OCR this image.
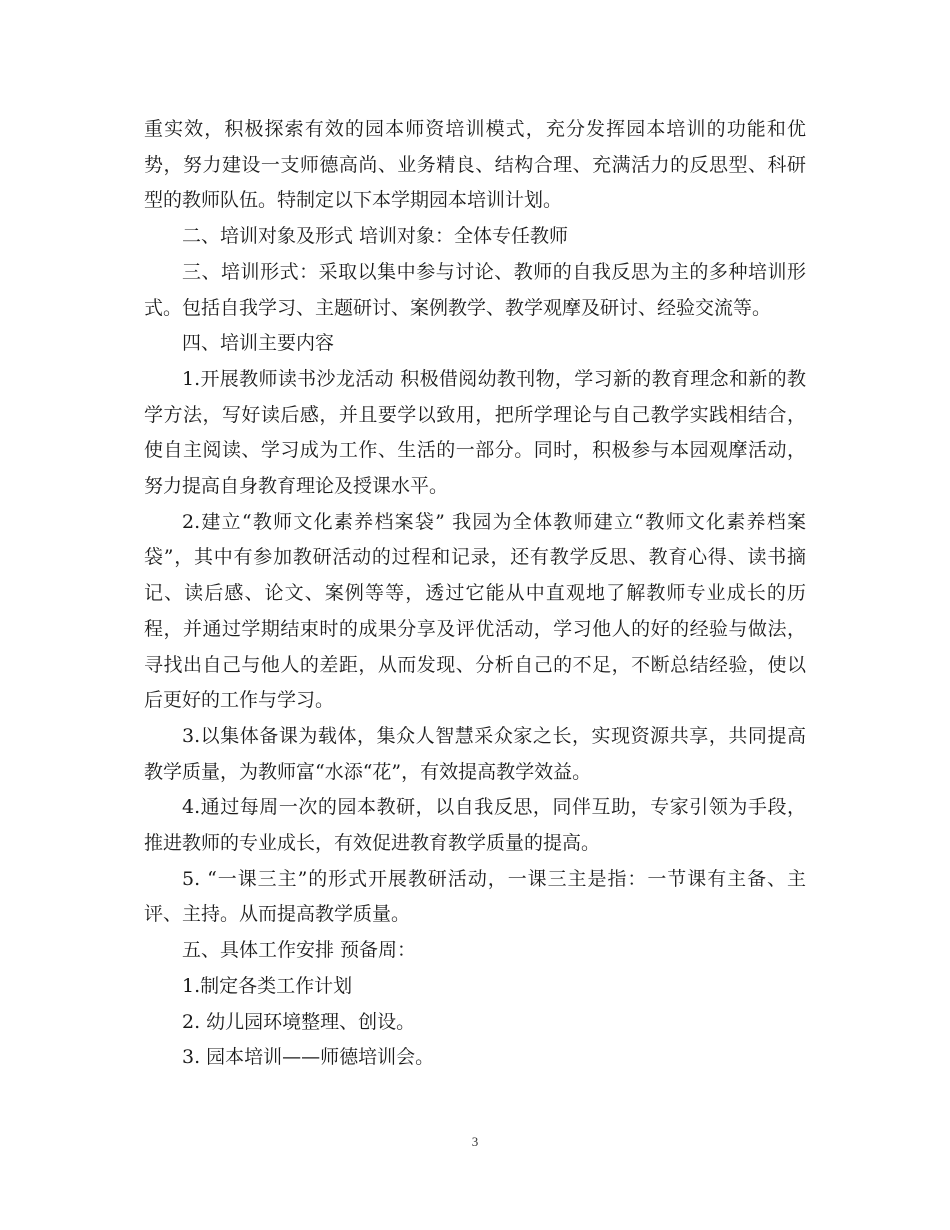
重实效，积极探索有效的园本师资培训模式，充分发挥园本培训的功能和优势，努力建设一支师德高尚、业务精良、结构合理、充满活力的反思型、科研型的教师队伍。特制定以下本学期园本培训计划。

二、培训对象及形式 培训对象：全体专任教师

三、培训形式：采取以集中参与讨论、教师的自我反思为主的多种培训形式。包括自我学习、主题研讨、案例教学、教学观摩及研讨、经验交流等。

四、培训主要内容

1.开展教师读书沙龙活动 积极借阅幼教刊物，学习新的教育理念和新的教学方法，写好读后感，并且要学以致用，把所学理论与自己教学实践相结合，使自主阅读、学习成为工作、生活的一部分。同时，积极参与本园观摩活动，努力提高自身教育理论及授课水平。

2.建立“教师文化素养档案袋” 我园为全体教师建立“教师文化素养档案袋”，其中有参加教研活动的过程和记录，还有教学反思、教育心得、读书摘记、读后感、论文、案例等等，透过它能从中直观地了解教师专业成长的历程，并通过学期结束时的成果分享及评优活动，学习他人的好的经验与做法，寻找出自己与他人的差距，从而发现、分析自己的不足，不断总结经验，使以后更好的工作与学习。

3.以集体备课为载体，集众人智慧采众家之长，实现资源共享，共同提高教学质量，为教师富“水添“花”，有效提高教学效益。

4.通过每周一次的园本教研，以自我反思，同伴互助，专家引领为手段，推进教师的专业成长，有效促进教育教学质量的提高。

5. “一课三主”的形式开展教研活动，一课三主是指：一节课有主备、主评、主持。从而提高教学质量。

五、具体工作安排 预备周：

1.制定各类工作计划

2. 幼儿园环境整理、创设。

3. 园本培训——师德培训会。

3
